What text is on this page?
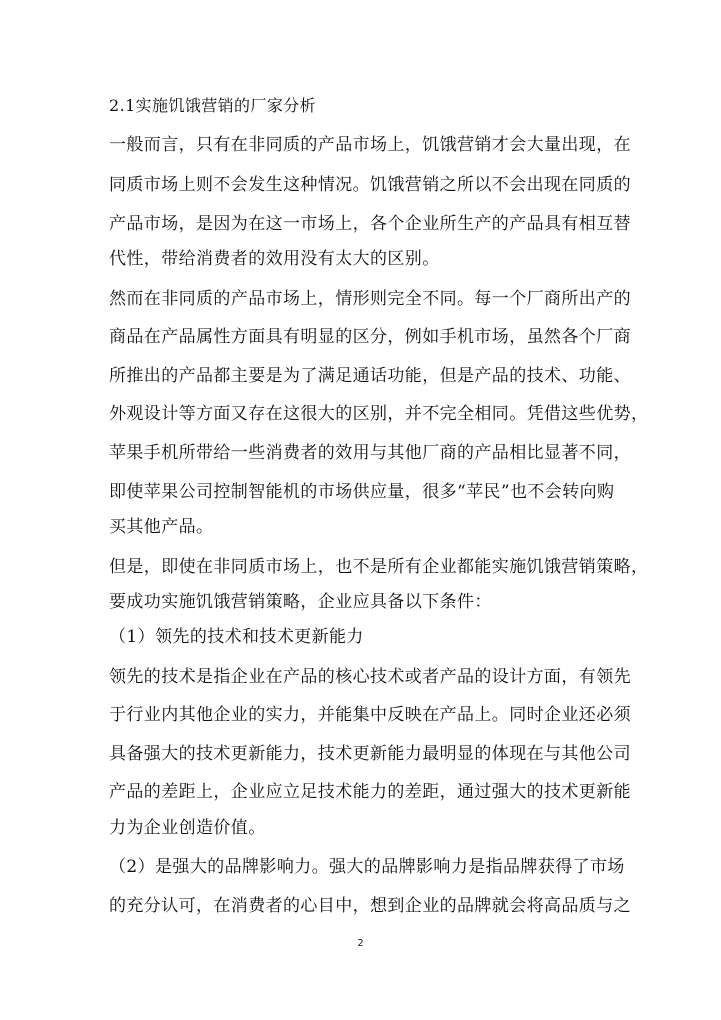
2.1实施饥饿营销的厂家分析
一般而言，只有在非同质的产品市场上，饥饿营销才会大量出现，在
同质市场上则不会发生这种情况。饥饿营销之所以不会出现在同质的
产品市场，是因为在这一市场上，各个企业所生产的产品具有相互替
代性，带给消费者的效用没有太大的区别。
然而在非同质的产品市场上，情形则完全不同。每一个厂商所出产的
商品在产品属性方面具有明显的区分，例如手机市场，虽然各个厂商
所推出的产品都主要是为了满足通话功能，但是产品的技术、功能、
外观设计等方面又存在这很大的区别，并不完全相同。凭借这些优势，
苹果手机所带给一些消费者的效用与其他厂商的产品相比显著不同，
即使苹果公司控制智能机的市场供应量，很多“苹民”也不会转向购
买其他产品。
但是，即使在非同质市场上，也不是所有企业都能实施饥饿营销策略，
要成功实施饥饿营销策略，企业应具备以下条件：
（1）领先的技术和技术更新能力
领先的技术是指企业在产品的核心技术或者产品的设计方面，有领先
于行业内其他企业的实力，并能集中反映在产品上。同时企业还必须
具备强大的技术更新能力，技术更新能力最明显的体现在与其他公司
产品的差距上，企业应立足技术能力的差距，通过强大的技术更新能
力为企业创造价值。
（2）是强大的品牌影响力。强大的品牌影响力是指品牌获得了市场
的充分认可，在消费者的心目中，想到企业的品牌就会将高品质与之
2
